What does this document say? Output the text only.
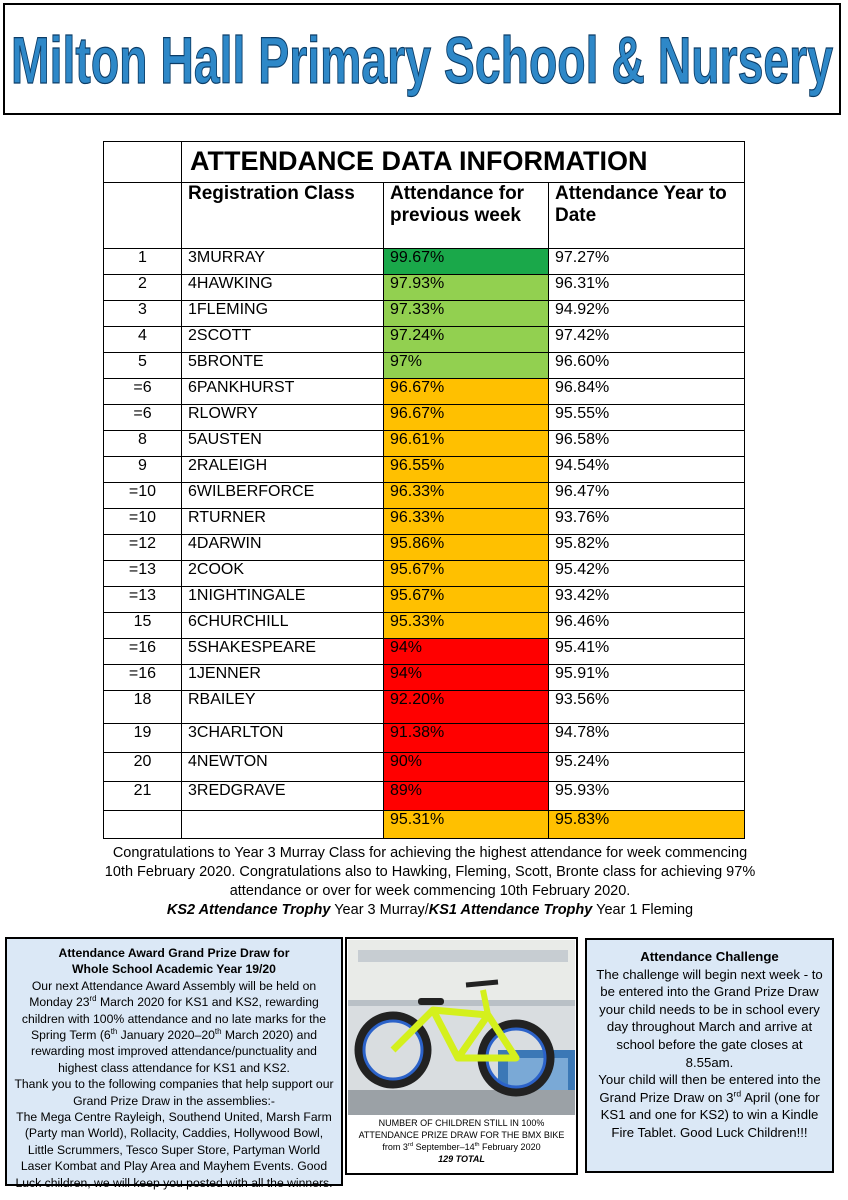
Milton Hall Primary School & Nursery
	ATTENDANCE DATA INFORMATION		
	Registration Class	Attendance for previous week	Attendance Year to Date
1	3MURRAY	99.67%	97.27%
2	4HAWKING	97.93%	96.31%
3	1FLEMING	97.33%	94.92%
4	2SCOTT	97.24%	97.42%
5	5BRONTE	97%	96.60%
=6	6PANKHURST	96.67%	96.84%
=6	RLOWRY	96.67%	95.55%
8	5AUSTEN	96.61%	96.58%
9	2RALEIGH	96.55%	94.54%
=10	6WILBERFORCE	96.33%	96.47%
=10	RTURNER	96.33%	93.76%
=12	4DARWIN	95.86%	95.82%
=13	2COOK	95.67%	95.42%
=13	1NIGHTINGALE	95.67%	93.42%
15	6CHURCHILL	95.33%	96.46%
=16	5SHAKESPEARE	94%	95.41%
=16	1JENNER	94%	95.91%
18	RBAILEY	92.20%	93.56%
19	3CHARLTON	91.38%	94.78%
20	4NEWTON	90%	95.24%
21	3REDGRAVE	89%	95.93%
		95.31%	95.83%
Congratulations to Year 3 Murray Class for achieving the highest attendance for week commencing 10th February 2020. Congratulations also to Hawking, Fleming, Scott, Bronte class for achieving 97% attendance or over for week commencing 10th February 2020.
KS2 Attendance Trophy Year 3 Murray/KS1 Attendance Trophy Year 1 Fleming
Attendance Award Grand Prize Draw for
Whole School Academic Year 19/20
Our next Attendance Award Assembly will be held on Monday 23rd March 2020 for KS1 and KS2, rewarding children with 100% attendance and no late marks for the Spring Term (6th January 2020–20th March 2020) and rewarding most improved attendance/punctuality and highest class attendance for KS1 and KS2.
Thank you to the following companies that help support our Grand Prize Draw in the assemblies:-
The Mega Centre Rayleigh, Southend United, Marsh Farm (Party man World), Rollacity, Caddies, Hollywood Bowl, Little Scrummers, Tesco Super Store, Partyman World Laser Kombat and Play Area and Mayhem Events. Good Luck children, we will keep you posted with all the winners.
NUMBER OF CHILDREN STILL IN 100% ATTENDANCE PRIZE DRAW FOR THE BMX BIKE
from 3rd September–14th February 2020
129 TOTAL
Attendance Challenge
The challenge will begin next week - to be entered into the Grand Prize Draw your child needs to be in school every day throughout March and arrive at school before the gate closes at 8.55am.
Your child will then be entered into the Grand Prize Draw on 3rd April (one for KS1 and one for KS2) to win a Kindle Fire Tablet. Good Luck Children!!!
